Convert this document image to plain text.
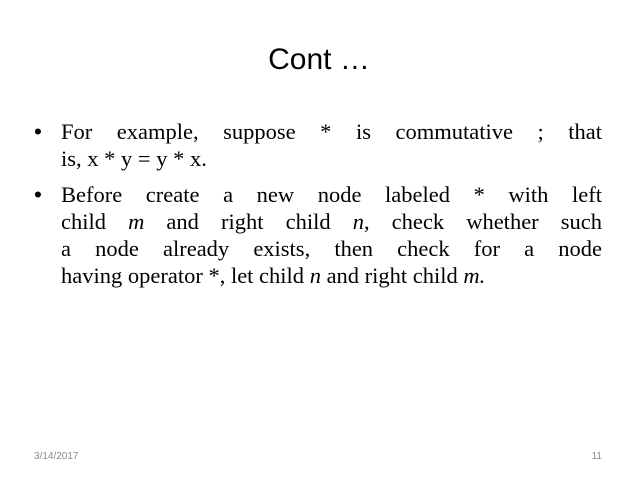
Cont …
• For example, suppose * is commutative ; that
is, x * y = y * x.
• Before create a new node labeled * with left
child m and right child n, check whether such
a node already exists, then check for a node
having operator *, let child n and right child m.
3/14/2017	11
